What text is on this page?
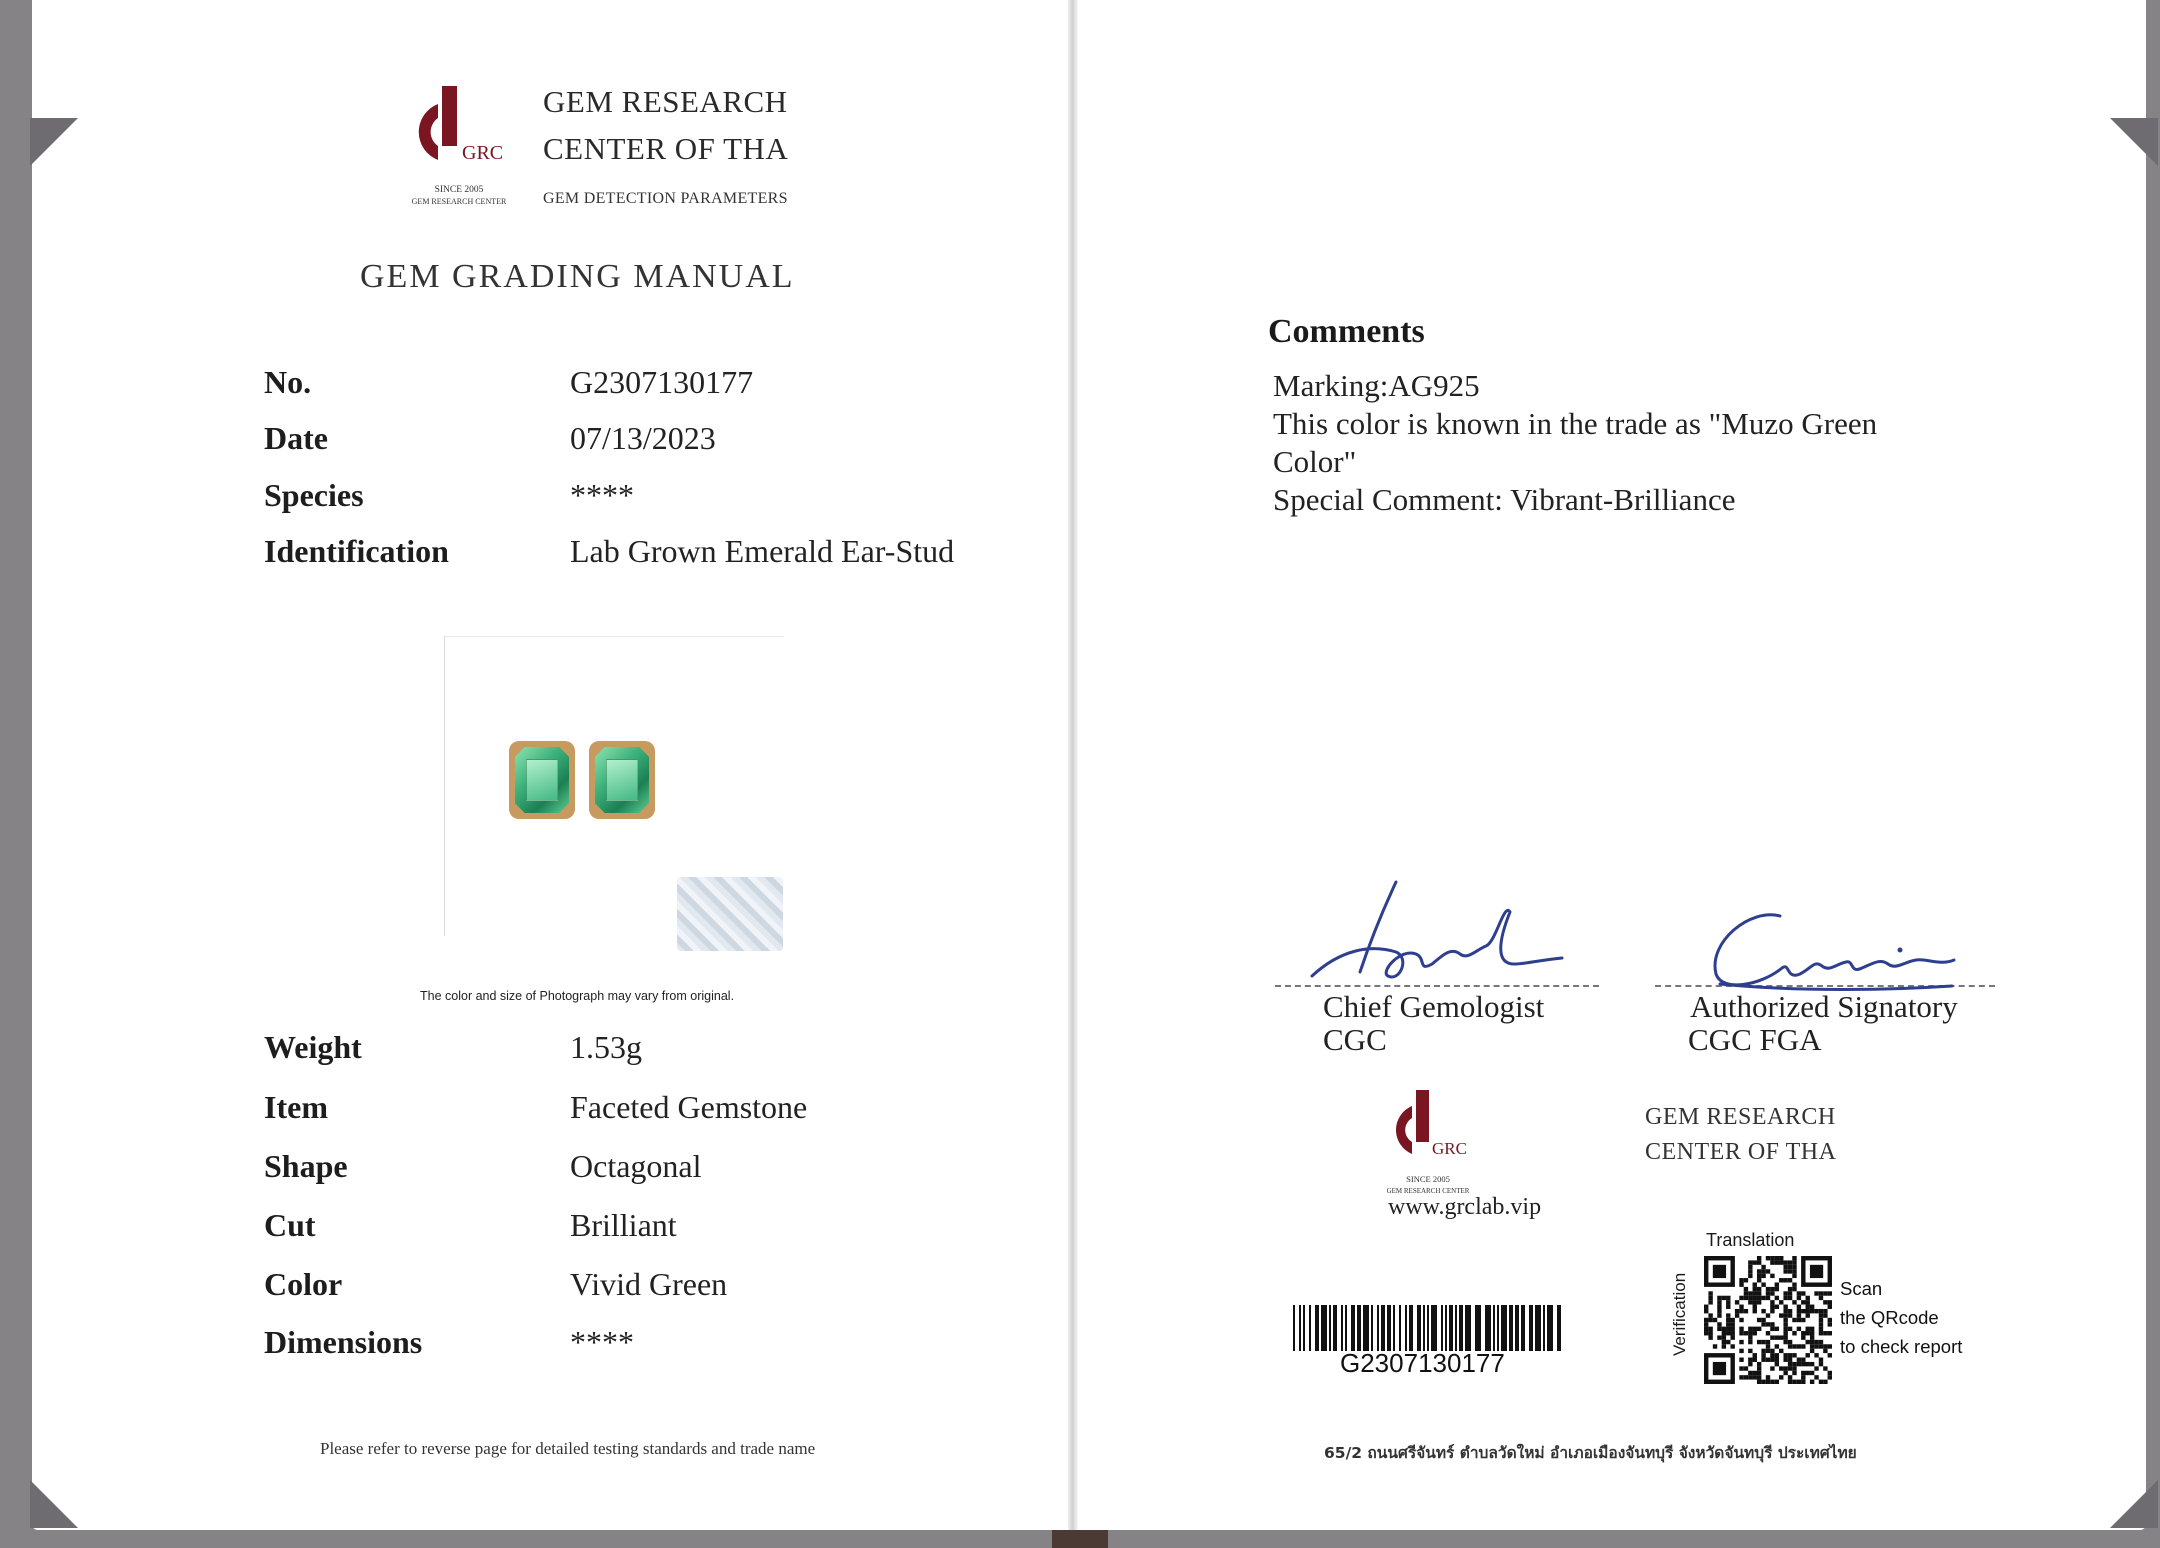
GRC
SINCE 2005
GEM RESEARCH CENTER
GEM RESEARCH
CENTER OF THA
GEM DETECTION PARAMETERS
GEM GRADING MANUAL
No.	G2307130177
Date	07/13/2023
Species	****
Identification	Lab Grown Emerald Ear-Stud
The color and size of Photograph may vary from original.
Weight	1.53g
Item	Faceted Gemstone
Shape	Octagonal
Cut	Brilliant
Color	Vivid Green
Dimensions	****
Please refer to reverse page for detailed testing standards and trade name
Comments
Marking:AG925
This color is known in the trade as "Muzo Green
Color"
Special Comment: Vibrant-Brilliance
Chief Gemologist
CGC
Authorized Signatory
CGC FGA
GRC
SINCE 2005
GEM RESEARCH CENTER
GEM RESEARCH
CENTER OF THA
www.grclab.vip
G2307130177
Translation
Verification	Scan
the QRcode
to check report
65/2 ถนนศรีจันทร์ ตำบลวัดใหม่ อำเภอเมืองจันทบุรี จังหวัดจันทบุรี ประเทศไทย
